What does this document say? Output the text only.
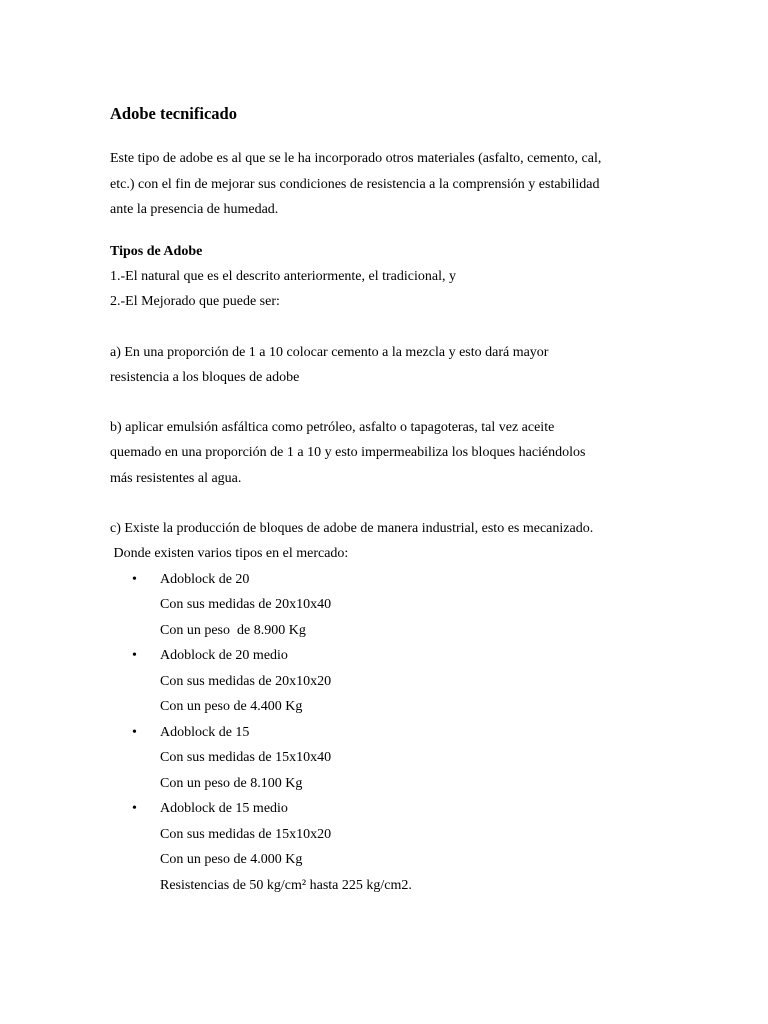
Adobe tecnificado
Este tipo de adobe es al que se le ha incorporado otros materiales (asfalto, cemento, cal,
etc.) con el fin de mejorar sus condiciones de resistencia a la comprensión y estabilidad
ante la presencia de humedad.
Tipos de Adobe
1.-El natural que es el descrito anteriormente, el tradicional, y
2.-El Mejorado que puede ser:
a) En una proporción de 1 a 10 colocar cemento a la mezcla y esto dará mayor
resistencia a los bloques de adobe
b) aplicar emulsión asfáltica como petróleo, asfalto o tapagoteras, tal vez aceite
quemado en una proporción de 1 a 10 y esto impermeabiliza los bloques haciéndolos
más resistentes al agua.
c) Existe la producción de bloques de adobe de manera industrial, esto es mecanizado.
Donde existen varios tipos en el mercado:
• Adoblock de 20
Con sus medidas de 20x10x40
Con un peso  de 8.900 Kg
• Adoblock de 20 medio
Con sus medidas de 20x10x20
Con un peso de 4.400 Kg
• Adoblock de 15
Con sus medidas de 15x10x40
Con un peso de 8.100 Kg
• Adoblock de 15 medio
Con sus medidas de 15x10x20
Con un peso de 4.000 Kg
Resistencias de 50 kg/cm² hasta 225 kg/cm2.
